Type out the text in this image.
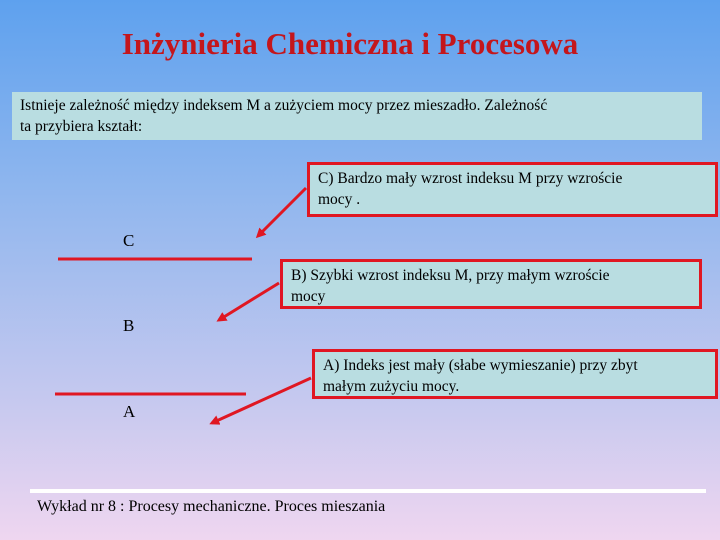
Inżynieria Chemiczna i Procesowa
Istnieje zależność między indeksem M a zużyciem mocy przez mieszadło. Zależność
ta przybiera kształt:
C
B
A
C) Bardzo mały wzrost indeksu M przy wzroście
mocy .
B) Szybki wzrost indeksu M, przy małym wzroście
mocy
A) Indeks jest mały (słabe wymieszanie) przy zbyt
małym zużyciu mocy.
Wykład nr 8 : Procesy mechaniczne. Proces mieszania
